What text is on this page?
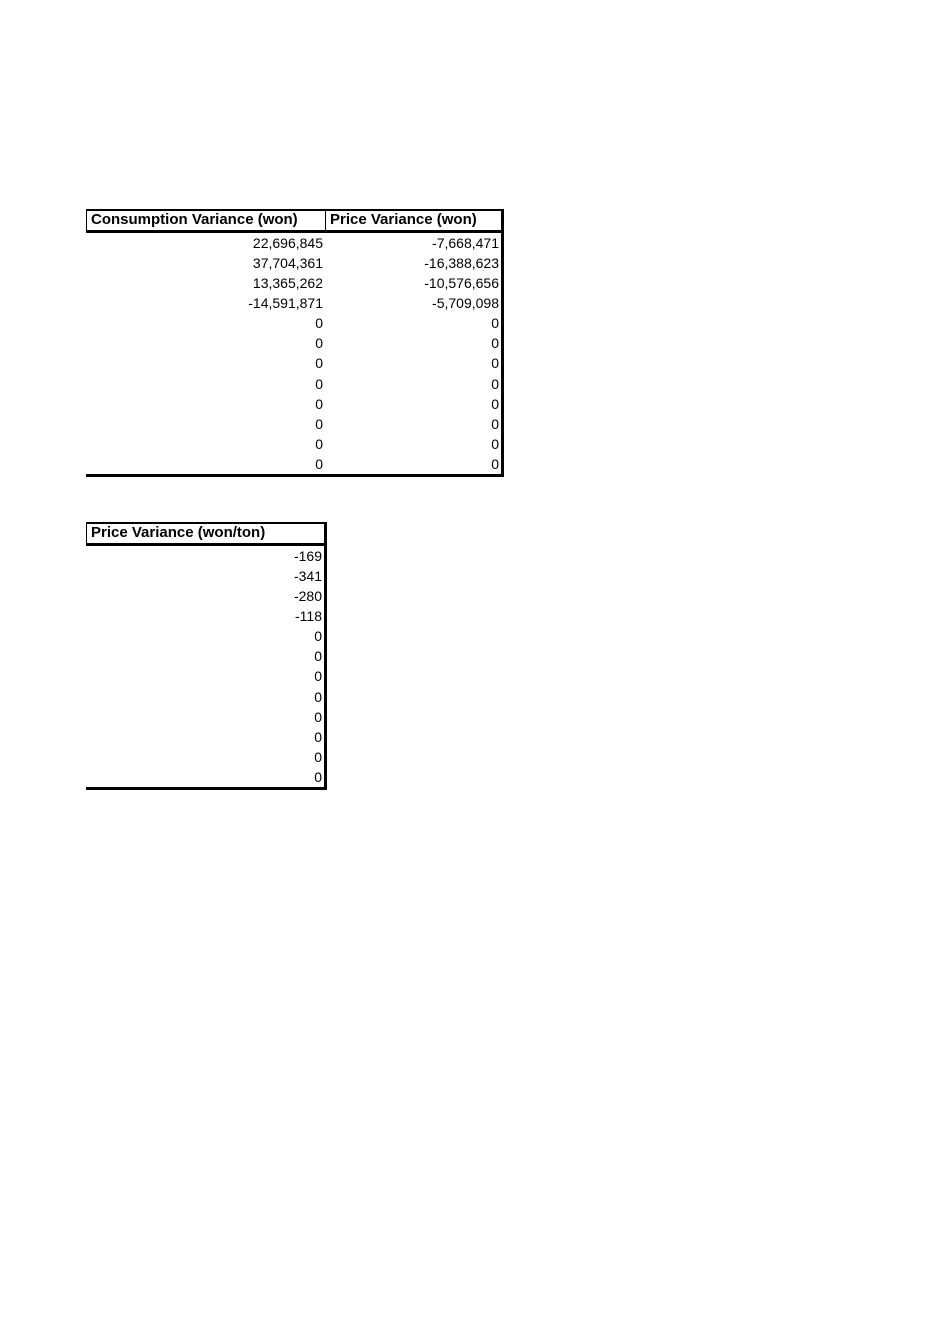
Consumption Variance (won)	Price Variance (won)
22,696,845	-7,668,471
37,704,361	-16,388,623
13,365,262	-10,576,656
-14,591,871	-5,709,098
0	0
0	0
0	0
0	0
0	0
0	0
0	0
0	0
Price Variance (won/ton)
-169
-341
-280
-118
0
0
0
0
0
0
0
0
